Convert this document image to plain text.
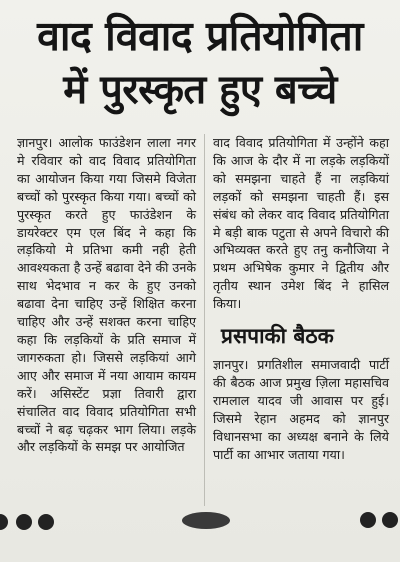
वाद विवाद प्रतियोगिता
में पुरस्कृत हुए बच्चे

ज्ञानपुर। आलोक फाउंडेशन लाला नगर मे रविवार को वाद विवाद प्रतियोगिता का आयोजन किया गया जिसमे विजेता बच्चों को पुरस्कृत किया गया। बच्चों को पुरस्कृत करते हुए फाउंडेशन के डायरेक्टर एम एल बिंद ने कहा कि लड़कियो मे प्रतिभा कमी नही हेती आवश्यकता है उन्हें बढावा देने की उनके साथ भेदभाव न कर के हुए उनको बढावा देना चाहिए उन्हें शिक्षित करना चाहिए और उन्हें सशक्त करना चाहिए कहा कि लड़कियों के प्रति समाज में जागरुकता हो। जिससे लड़कियां आगे आए और समाज में नया आयाम कायम करें। असिस्टेंट प्रज्ञा तिवारी द्वारा संचालित वाद विवाद प्रतियोगिता सभी बच्चों ने बढ़ चढ़कर भाग लिया। लड़के और लड़कियों के समझ पर आयोजित

वाद विवाद प्रतियोगिता में उन्होंने कहा कि आज के दौर में ना लड़के लड़कियों को समझना चाहते हैं ना लड़कियां लड़कों को समझना चाहती हैं। इस संबंध को लेकर वाद विवाद प्रतियोगिता मे बड़ी बाक पटुता से अपने विचारो की अभिव्यक्त करते हुए तनु कनौजिया ने प्रथम अभिषेक कुमार ने द्वितीय और तृतीय स्थान उमेश बिंद ने हासिल किया।

प्रसपाकी बैठक

ज्ञानपुर। प्रगतिशील समाजवादी पार्टी की बैठक आज प्रमुख ज़िला महासचिव रामलाल यादव जी आवास पर हुई। जिसमे रेहान अहमद को ज्ञानपुर विधानसभा का अध्यक्ष बनाने के लिये पार्टी का आभार जताया गया।
